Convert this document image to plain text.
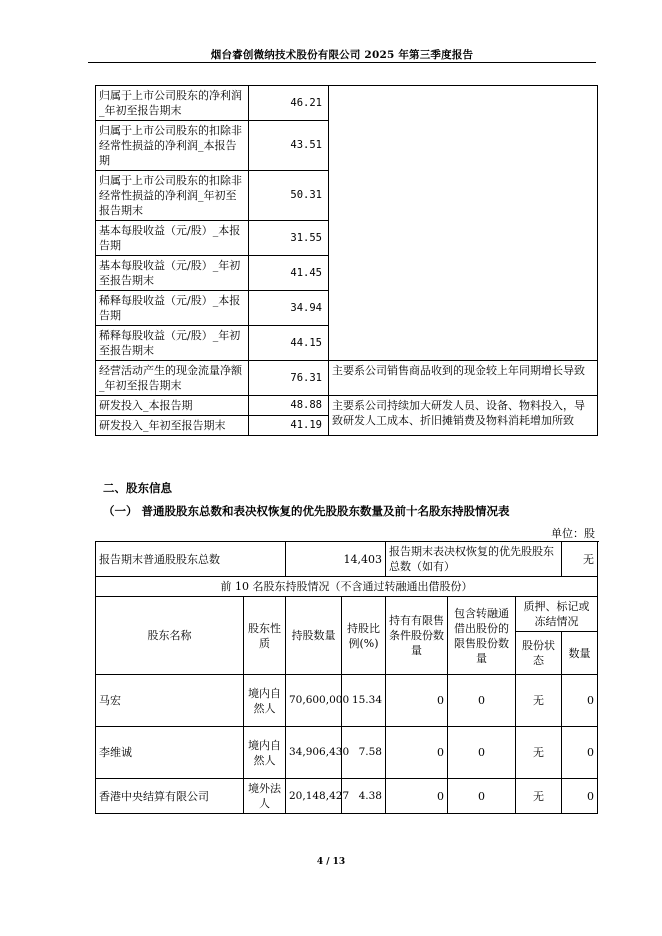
烟台睿创微纳技术股份有限公司 2025 年第三季度报告
归属于上市公司股东的净利润_年初至报告期末	46.21	
归属于上市公司股东的扣除非经常性损益的净利润_本报告期	43.51	
归属于上市公司股东的扣除非经常性损益的净利润_年初至报告期末	50.31	
基本每股收益（元/股）_本报告期	31.55	
基本每股收益（元/股）_年初至报告期末	41.45	
稀释每股收益（元/股）_本报告期	34.94	
稀释每股收益（元/股）_年初至报告期末	44.15	
经营活动产生的现金流量净额_年初至报告期末	76.31	主要系公司销售商品收到的现金较上年同期增长导致
研发投入_本报告期	48.88	主要系公司持续加大研发人员、设备、物料投入，导致研发人工成本、折旧摊销费及物料消耗增加所致
研发投入_年初至报告期末	41.19	
二、股东信息
（一） 普通股股东总数和表决权恢复的优先股股东数量及前十名股东持股情况表
单位：股
报告期末普通股股东总数		14,403		报告期末表决权恢复的优先股股东总数（如有）			无
前 10 名股东持股情况（不含通过转融通出借股份）							
股东名称	股东性质	持股数量	持股比例(%)	持有有限售条件股份数量	包含转融通借出股份的限售股份数量	质押、标记或冻结情况	
						股份状态	数量
马宏	境内自然人	70,600,000	15.34	0	0	无	0
李维诚	境内自然人	34,906,430	7.58	0	0	无	0
香港中央结算有限公司	境外法人	20,148,427	4.38	0	0	无	0
4 / 13
